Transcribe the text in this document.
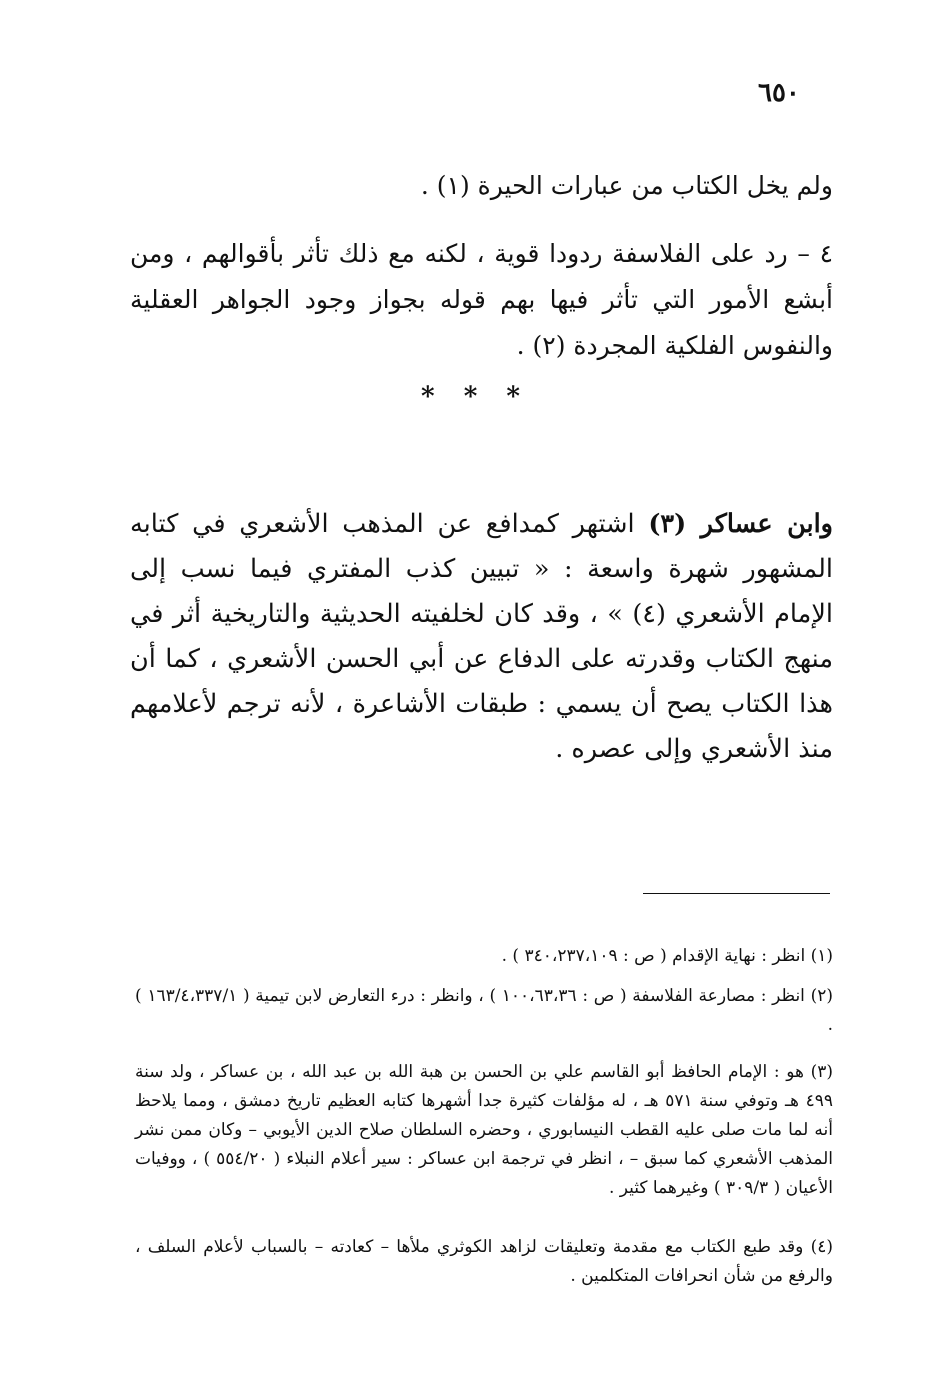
٦٥٠

ولم يخل الكتاب من عبارات الحيرة (١) .

٤ – رد على الفلاسفة ردودا قوية ، لكنه مع ذلك تأثر بأقوالهم ، ومن أبشع الأمور التي تأثر فيها بهم قوله بجواز وجود الجواهر العقلية والنفوس الفلكية المجردة (٢) .

* * *

وابن عساكر (٣) اشتهر كمدافع عن المذهب الأشعري في كتابه المشهور شهرة واسعة : « تبيين كذب المفتري فيما نسب إلى الإمام الأشعري (٤) » ، وقد كان لخلفيته الحديثية والتاريخية أثر في منهج الكتاب وقدرته على الدفاع عن أبي الحسن الأشعري ، كما أن هذا الكتاب يصح أن يسمي : طبقات الأشاعرة ، لأنه ترجم لأعلامهم منذ الأشعري وإلى عصره .

(١) انظر : نهاية الإقدام ( ص : ٣٤٠،٢٣٧،١٠٩ ) .

(٢) انظر : مصارعة الفلاسفة ( ص : ١٠٠،٦٣،٣٦ ) ، وانظر : درء التعارض لابن تيمية ( ١٦٣/٤،٣٣٧/١ ) .

(٣) هو : الإمام الحافظ أبو القاسم علي بن الحسن بن هبة الله بن عبد الله ، بن عساكر ، ولد سنة ٤٩٩ هـ وتوفي سنة ٥٧١ هـ ، له مؤلفات كثيرة جدا أشهرها كتابه العظيم تاريخ دمشق ، ومما يلاحظ أنه لما مات صلى عليه القطب النيسابوري ، وحضره السلطان صلاح الدين الأيوبي – وكان ممن نشر المذهب الأشعري كما سبق – ، انظر في ترجمة ابن عساكر : سير أعلام النبلاء ( ٥٥٤/٢٠ ) ، ووفيات الأعيان ( ٣٠٩/٣ ) وغيرهما كثير .

(٤) وقد طبع الكتاب مع مقدمة وتعليقات لزاهد الكوثري ملأها – كعادته – بالسباب لأعلام السلف ، والرفع من شأن انحرافات المتكلمين .
